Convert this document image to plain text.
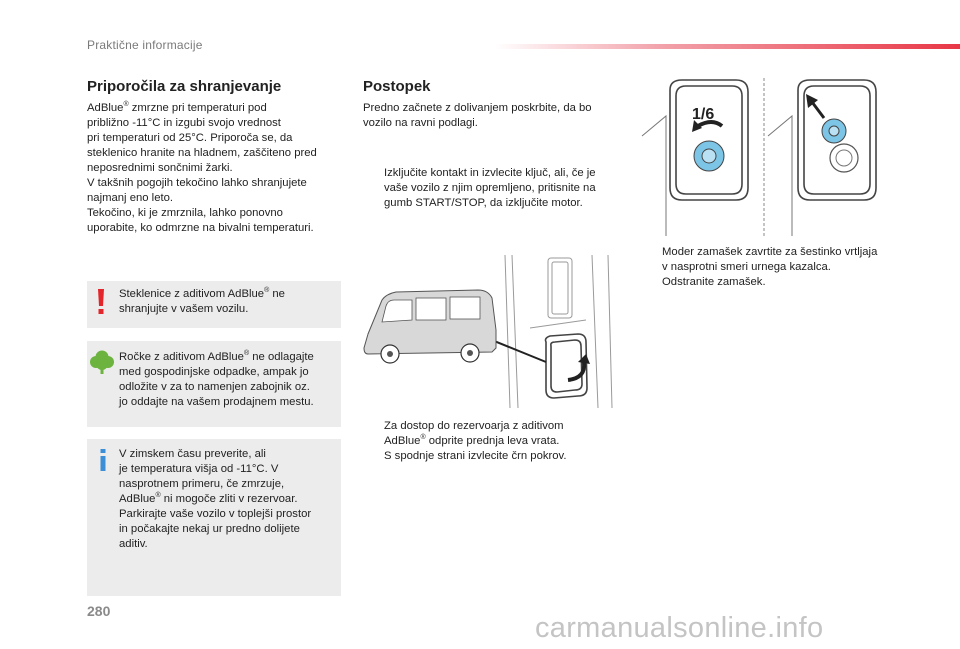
Praktične informacije
Priporočila za shranjevanje
AdBlue® zmrzne pri temperaturi pod
približno -11°C in izgubi svojo vrednost
pri temperaturi od 25°C. Priporoča se, da
steklenico hranite na hladnem, zaščiteno pred
neposrednimi sončnimi žarki.
V takšnih pogojih tekočino lahko shranjujete
najmanj eno leto.
Tekočino, ki je zmrznila, lahko ponovno
uporabite, ko odmrzne na bivalni temperaturi.
Steklenice z aditivom AdBlue® ne
shranjujte v vašem vozilu.
Ročke z aditivom AdBlue® ne odlagajte
med gospodinjske odpadke, ampak jo
odložite v za to namenjen zabojnik oz.
jo oddajte na vašem prodajnem mestu.
V zimskem času preverite, ali
je temperatura višja od -11°C. V
nasprotnem primeru, če zmrzuje,
AdBlue® ni mogoče zliti v rezervoar.
Parkirajte vaše vozilo v toplejši prostor
in počakajte nekaj ur predno dolijete
aditiv.
Postopek
Predno začnete z dolivanjem poskrbite, da bo
vozilo na ravni podlagi.
Izključite kontakt in izvlecite ključ, ali, če je
vaše vozilo z njim opremljeno, pritisnite na
gumb START/STOP, da izključite motor.
Za dostop do rezervoarja z aditivom
AdBlue® odprite prednja leva vrata.
S spodnje strani izvlecite črn pokrov.
1/6
Moder zamašek zavrtite za šestinko vrtljaja
v nasprotni smeri urnega kazalca.
Odstranite zamašek.
280
carmanualsonline.info
